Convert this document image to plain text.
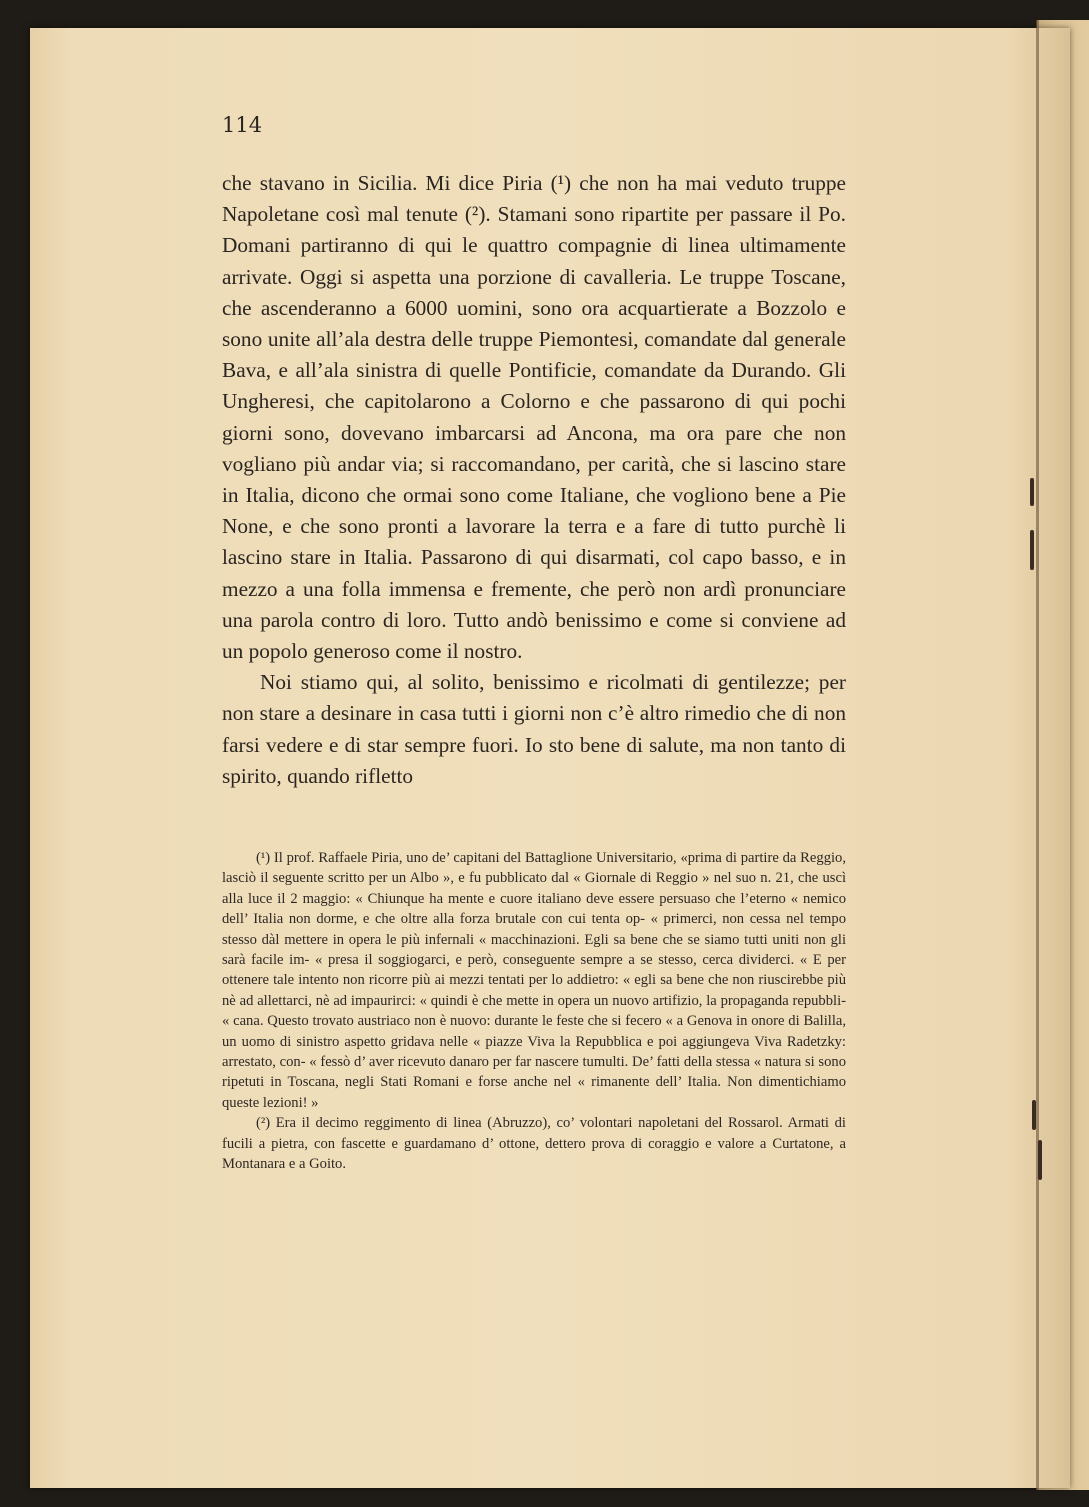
114

che stavano in Sicilia. Mi dice Piria (¹) che non ha mai veduto truppe Napoletane così mal tenute (²). Stamani sono ripartite per passare il Po. Domani partiranno di qui le quattro compagnie di linea ultimamente arrivate. Oggi si aspetta una porzione di cavalleria. Le truppe Toscane, che ascenderanno a 6000 uomini, sono ora acquartierate a Bozzolo e sono unite all’ala destra delle truppe Piemontesi, comandate dal generale Bava, e all’ala sinistra di quelle Pontificie, comandate da Durando. Gli Ungheresi, che capitolarono a Colorno e che passarono di qui pochi giorni sono, dovevano imbarcarsi ad Ancona, ma ora pare che non vogliano più andar via; si raccomandano, per carità, che si lascino stare in Italia, dicono che ormai sono come Italiane, che vogliono bene a Pie None, e che sono pronti a lavorare la terra e a fare di tutto purchè li lascino stare in Italia. Passarono di qui disarmati, col capo basso, e in mezzo a una folla immensa e fremente, che però non ardì pronunciare una parola contro di loro. Tutto andò benissimo e come si conviene ad un popolo generoso come il nostro.

Noi stiamo qui, al solito, benissimo e ricolmati di gentilezze; per non stare a desinare in casa tutti i giorni non c’è altro rimedio che di non farsi vedere e di star sempre fuori. Io sto bene di salute, ma non tanto di spirito, quando rifletto

(¹) Il prof. Raffaele Piria, uno de’ capitani del Battaglione Universitario, «prima di partire da Reggio, lasciò il seguente scritto per un Albo », e fu pubblicato dal « Giornale di Reggio » nel suo n. 21, che uscì alla luce il 2 maggio: « Chiunque ha mente e cuore italiano deve essere persuaso che l’eterno « nemico dell’ Italia non dorme, e che oltre alla forza brutale con cui tenta op- « primerci, non cessa nel tempo stesso dàl mettere in opera le più infernali « macchinazioni. Egli sa bene che se siamo tutti uniti non gli sarà facile im- « presa il soggiogarci, e però, conseguente sempre a se stesso, cerca dividerci. « E per ottenere tale intento non ricorre più ai mezzi tentati per lo addietro: « egli sa bene che non riuscirebbe più nè ad allettarci, nè ad impaurirci: « quindi è che mette in opera un nuovo artifizio, la propaganda repubbli- « cana. Questo trovato austriaco non è nuovo: durante le feste che si fecero « a Genova in onore di Balilla, un uomo di sinistro aspetto gridava nelle « piazze Viva la Repubblica e poi aggiungeva Viva Radetzky: arrestato, con- « fessò d’ aver ricevuto danaro per far nascere tumulti. De’ fatti della stessa « natura si sono ripetuti in Toscana, negli Stati Romani e forse anche nel « rimanente dell’ Italia. Non dimentichiamo queste lezioni! »

(²) Era il decimo reggimento di linea (Abruzzo), co’ volontari napoletani del Rossarol. Armati di fucili a pietra, con fascette e guardamano d’ ottone, dettero prova di coraggio e valore a Curtatone, a Montanara e a Goito.
